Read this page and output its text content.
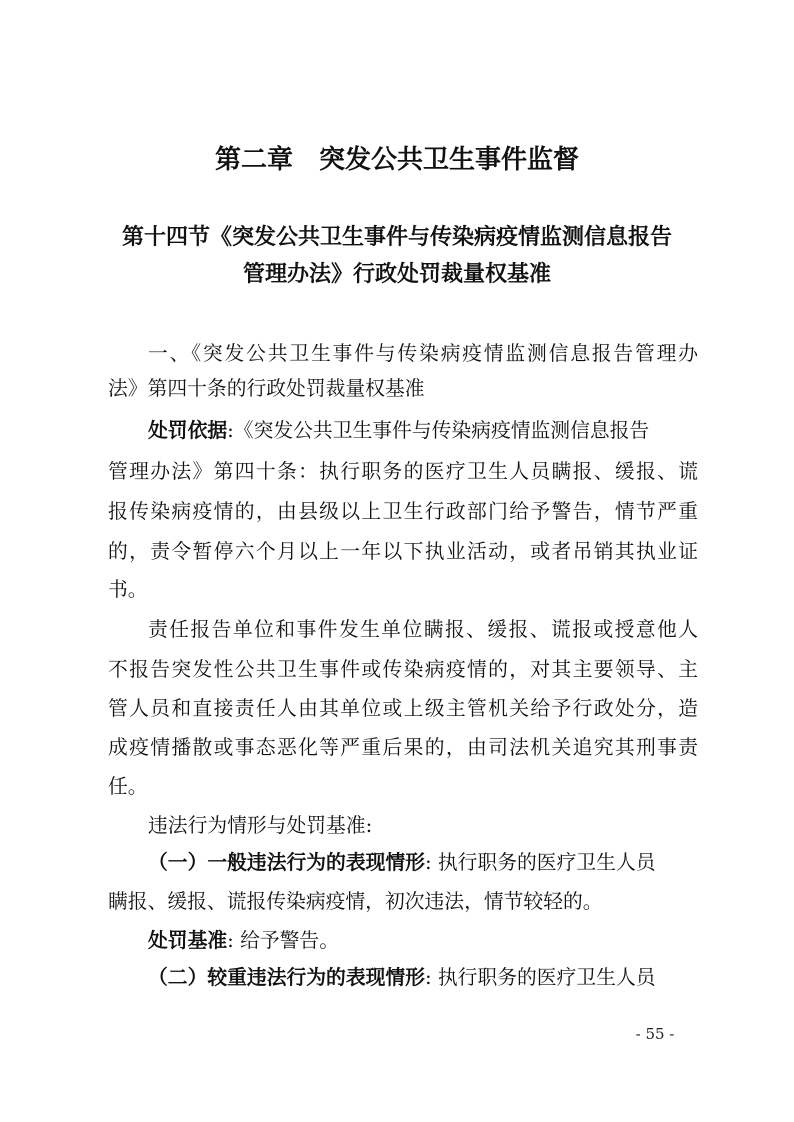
第二章 突发公共卫生事件监督
第十四节《突发公共卫生事件与传染病疫情监测信息报告
管理办法》行政处罚裁量权基准
一、《突发公共卫生事件与传染病疫情监测信息报告管理办
法》第四十条的行政处罚裁量权基准
处罚依据:《突发公共卫生事件与传染病疫情监测信息报告
管理办法》第四十条：执行职务的医疗卫生人员瞒报、缓报、谎
报传染病疫情的，由县级以上卫生行政部门给予警告，情节严重
的，责令暂停六个月以上一年以下执业活动，或者吊销其执业证
书。
责任报告单位和事件发生单位瞒报、缓报、谎报或授意他人
不报告突发性公共卫生事件或传染病疫情的，对其主要领导、主
管人员和直接责任人由其单位或上级主管机关给予行政处分，造
成疫情播散或事态恶化等严重后果的，由司法机关追究其刑事责
任。
违法行为情形与处罚基准:
（一）一般违法行为的表现情形: 执行职务的医疗卫生人员
瞒报、缓报、谎报传染病疫情，初次违法，情节较轻的。
处罚基准: 给予警告。
（二）较重违法行为的表现情形: 执行职务的医疗卫生人员
- 55 -
